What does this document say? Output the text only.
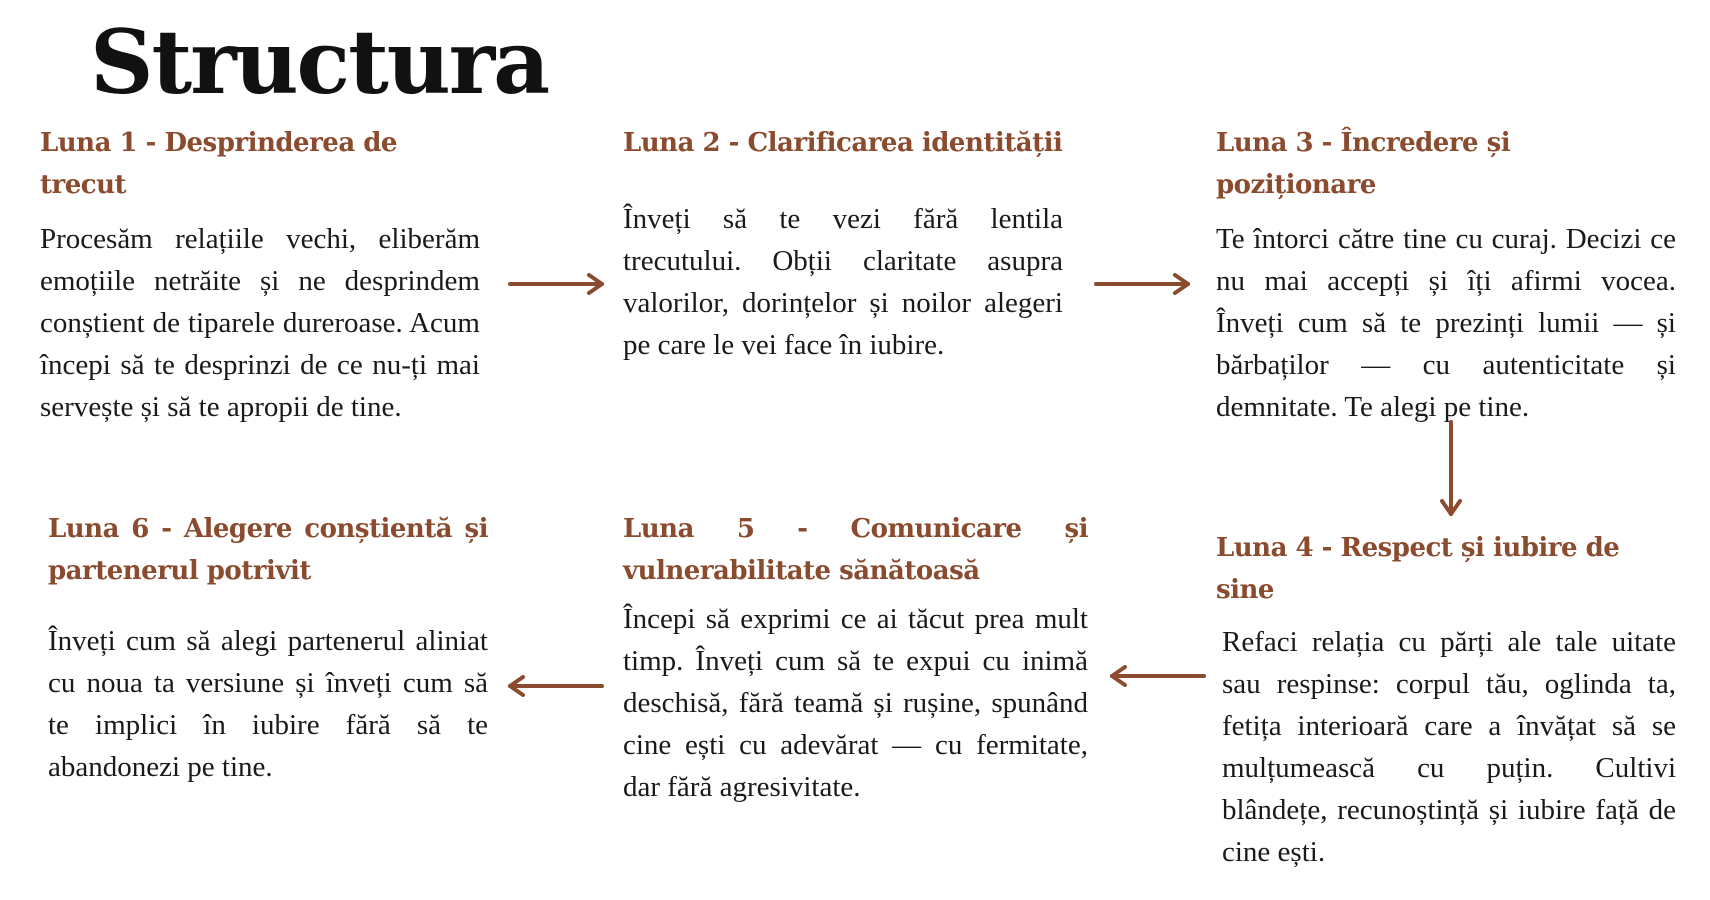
Structura
Luna 1 - Desprinderea de trecut

Procesăm relațiile vechi, eliberăm emoțiile netrăite și ne desprindem conștient de tiparele dureroase. Acum începi să te desprinzi de ce nu-ți mai servește și să te apropii de tine.

Luna 2 - Clarificarea identității

Înveți să te vezi fără lentila trecutului. Obții claritate asupra valorilor, dorințelor și noilor alegeri pe care le vei face în iubire.

Luna 3 - Încredere și poziționare

Te întorci către tine cu curaj. Decizi ce nu mai accepți și îți afirmi vocea. Înveți cum să te prezinți lumii — și bărbaților — cu autenticitate și demnitate. Te alegi pe tine.

Luna 4 - Respect și iubire de sine

Refaci relația cu părți ale tale uitate sau respinse: corpul tău, oglinda ta, fetița interioară care a învățat să se mulțumească cu puțin. Cultivi blândețe, recunoștință și iubire față de cine ești.

Luna 5 - Comunicare și vulnerabilitate sănătoasă

Începi să exprimi ce ai tăcut prea mult timp. Înveți cum să te expui cu inimă deschisă, fără teamă și rușine, spunând cine ești cu adevărat — cu fermitate, dar fără agresivitate.

Luna 6 - Alegere conștientă și partenerul potrivit

Înveți cum să alegi partenerul aliniat cu noua ta versiune și înveți cum să te implici în iubire fără să te abandonezi pe tine.
